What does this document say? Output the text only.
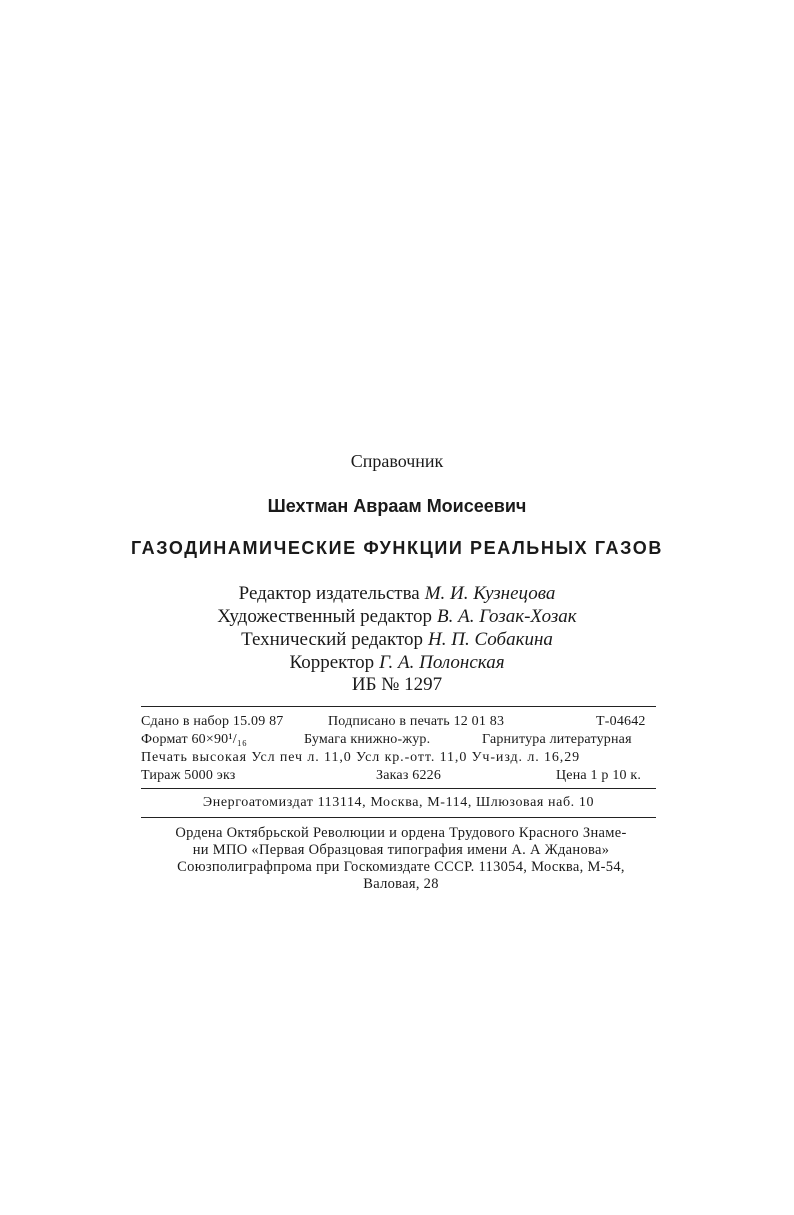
Справочник
Шехтман Авраам Моисеевич
ГАЗОДИНАМИЧЕСКИЕ ФУНКЦИИ РЕАЛЬНЫХ ГАЗОВ
Редактор издательства М. И. Кузнецова
Художественный редактор В. А. Гозак-Хозак
Технический редактор Н. П. Собакина
Корректор Г. А. Полонская
ИБ № 1297
Сдано в набор 15.09 87	Подписано в печать 12 01 83	Т-04642
Формат 60×90¹/₁₆	Бумага книжно-жур.	Гарнитура литературная
Печать высокая Усл печ л. 11,0 Усл кр.-отт. 11,0 Уч-изд. л. 16,29
Тираж 5000 экз	Заказ 6226	Цена 1 р 10 к.
Энергоатомиздат 113114, Москва, М-114, Шлюзовая наб. 10
Ордена Октябрьской Революции и ордена Трудового Красного Знаме-
ни МПО «Первая Образцовая типография имени А. А Жданова»
Союзполиграфпрома при Госкомиздате СССР. 113054, Москва, М-54,
Валовая, 28
